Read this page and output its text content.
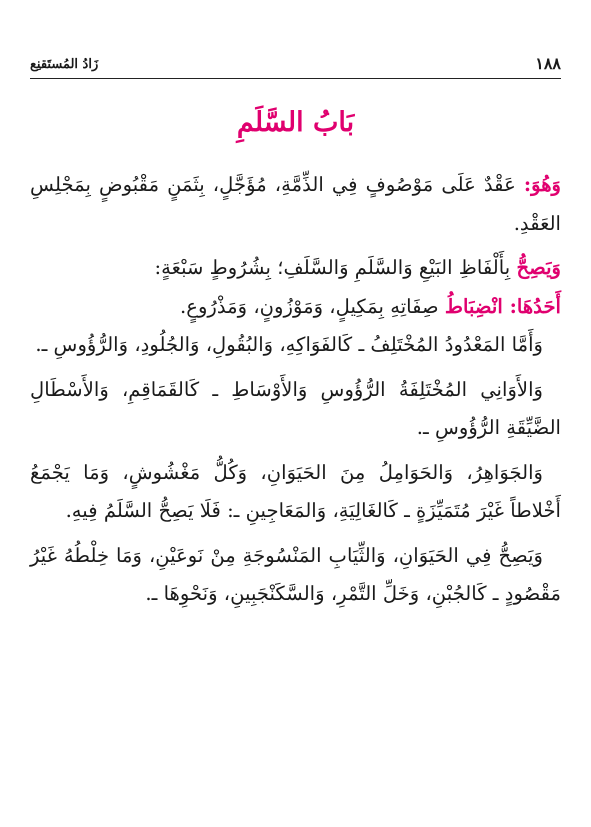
١٨٨
زَادُ المُستَقنِع
بَابُ السَّلَمِ

وَهُوَ: عَقْدٌ عَلَى مَوْصُوفٍ فِي الذِّمَّةِ، مُؤَجَّلٍ، بِثَمَنٍ مَقْبُوضٍ بِمَجْلِسِ العَقْدِ.

وَيَصِحُّ بِأَلْفَاظِ البَيْعِ وَالسَّلَمِ وَالسَّلَفِ؛ بِشُرُوطٍ سَبْعَةٍ:

أَحَدُهَا: انْضِبَاطُ صِفَاتِهِ بِمَكِيلٍ، وَمَوْزُونٍ، وَمَذْرُوعٍ.

وَأَمَّا المَعْدُودُ المُخْتَلِفُ ـ كَالفَوَاكِهِ، وَالبُقُولِ، وَالجُلُودِ، وَالرُّؤُوسِ ـ.

وَالأَوَانِي المُخْتَلِفَةُ الرُّؤُوسِ وَالأَوْسَاطِ ـ كَالقَمَاقِمِ، وَالأَسْطَالِ الضَّيِّقَةِ الرُّؤُوسِ ـ.

وَالجَوَاهِرُ، وَالحَوَامِلُ مِنَ الحَيَوَانِ، وَكُلُّ مَغْشُوشٍ، وَمَا يَجْمَعُ أَخْلاطاً غَيْرَ مُتَمَيِّزَةٍ ـ كَالغَالِيَةِ، وَالمَعَاجِينِ ـ: فَلَا يَصِحُّ السَّلَمُ فِيهِ.

وَيَصِحُّ فِي الحَيَوَانِ، وَالثِّيَابِ المَنْسُوجَةِ مِنْ نَوعَيْنِ، وَمَا خِلْطُهُ غَيْرُ مَقْصُودٍ ـ كَالجُبْنِ، وَخَلِّ التَّمْرِ، وَالسَّكَنْجَبِينِ، وَنَحْوِهَا ـ.
